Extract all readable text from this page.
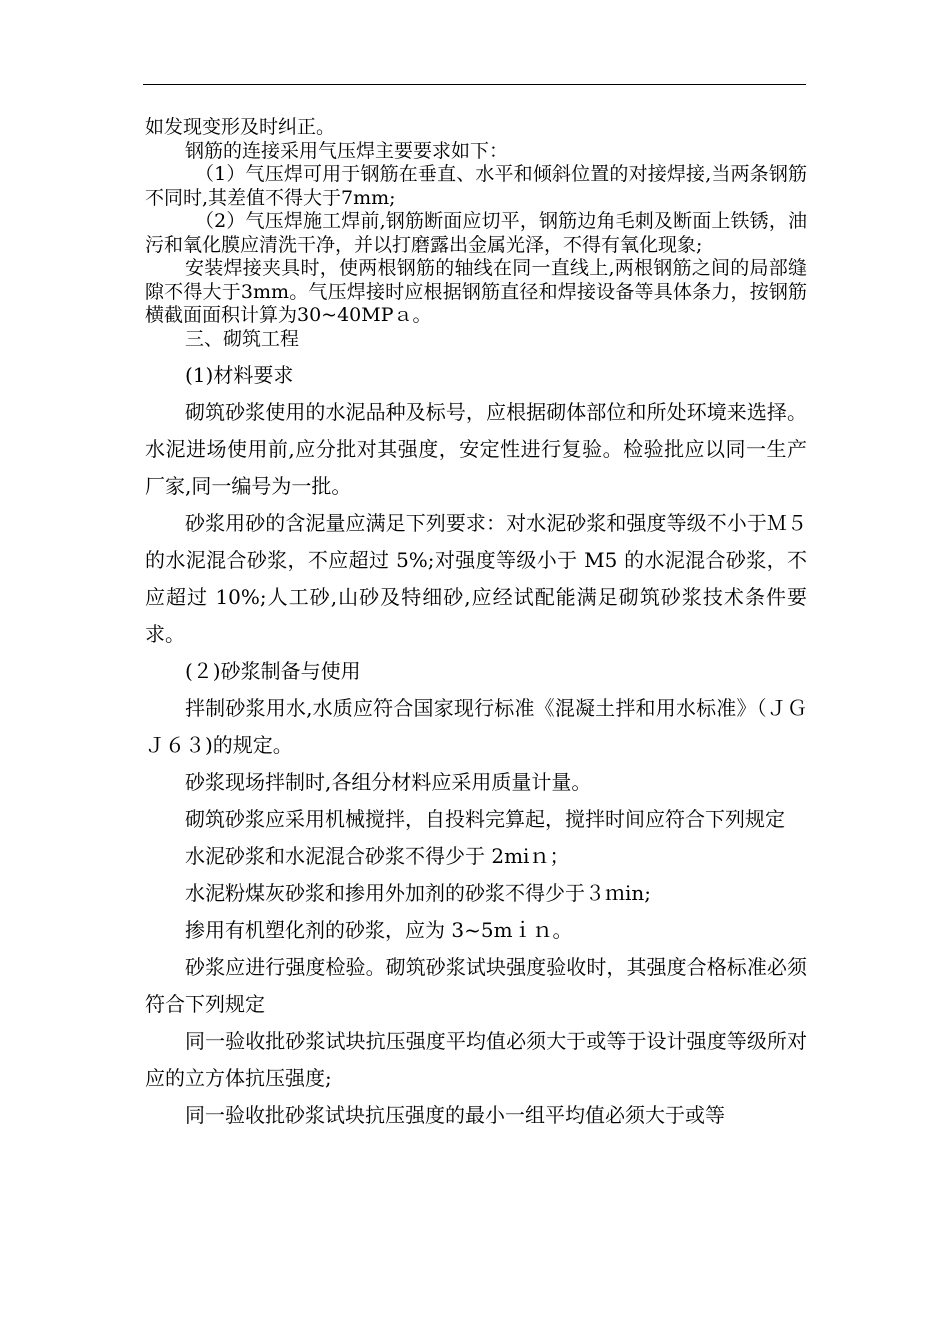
如发现变形及时纠正。

钢筋的连接采用气压焊主要要求如下：

（1）气压焊可用于钢筋在垂直、水平和倾斜位置的对接焊接,当两条钢筋不同时,其差值不得大于7mm;

（2）气压焊施工焊前,钢筋断面应切平，钢筋边角毛刺及断面上铁锈，油污和氧化膜应清洗干净，并以打磨露出金属光泽，不得有氧化现象;

安装焊接夹具时，使两根钢筋的轴线在同一直线上,两根钢筋之间的局部缝隙不得大于3mm。气压焊接时应根据钢筋直径和焊接设备等具体条力，按钢筋横截面面积计算为30~40MPａ。

三、砌筑工程

(1)材料要求

砌筑砂浆使用的水泥品种及标号，应根据砌体部位和所处环境来选择。水泥进场使用前,应分批对其强度，安定性进行复验。检验批应以同一生产厂家,同一编号为一批。

砂浆用砂的含泥量应满足下列要求：对水泥砂浆和强度等级不小于Ｍ５的水泥混合砂浆，不应超过 5%;对强度等级小于 M5 的水泥混合砂浆，不应超过 10%;人工砂,山砂及特细砂,应经试配能满足砌筑砂浆技术条件要求。

(２)砂浆制备与使用

拌制砂浆用水,水质应符合国家现行标准《混凝土拌和用水标准》（ＪＧＪ６３)的规定。

砂浆现场拌制时,各组分材料应采用质量计量。

砌筑砂浆应采用机械搅拌，自投料完算起，搅拌时间应符合下列规定

水泥砂浆和水泥混合砂浆不得少于 2miｎ；

水泥粉煤灰砂浆和掺用外加剂的砂浆不得少于３ｍin;

掺用有机塑化剂的砂浆，应为 3~5mｉｎ。

砂浆应进行强度检验。砌筑砂浆试块强度验收时，其强度合格标准必须符合下列规定

同一验收批砂浆试块抗压强度平均值必须大于或等于设计强度等级所对应的立方体抗压强度;

同一验收批砂浆试块抗压强度的最小一组平均值必须大于或等
